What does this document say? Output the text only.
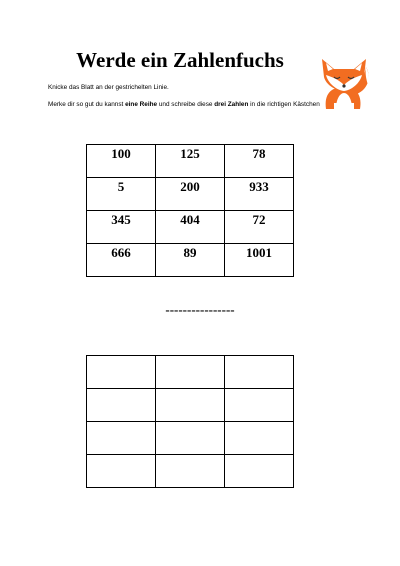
Werde ein Zahlenfuchs

Knicke das Blatt an der gestrichelten Linie.

Merke dir so gut du kannst eine Reihe und schreibe diese drei Zahlen in die richtigen Kästchen

100	125	78

5	200	933

345	404	72

666	89	1001
----------------
